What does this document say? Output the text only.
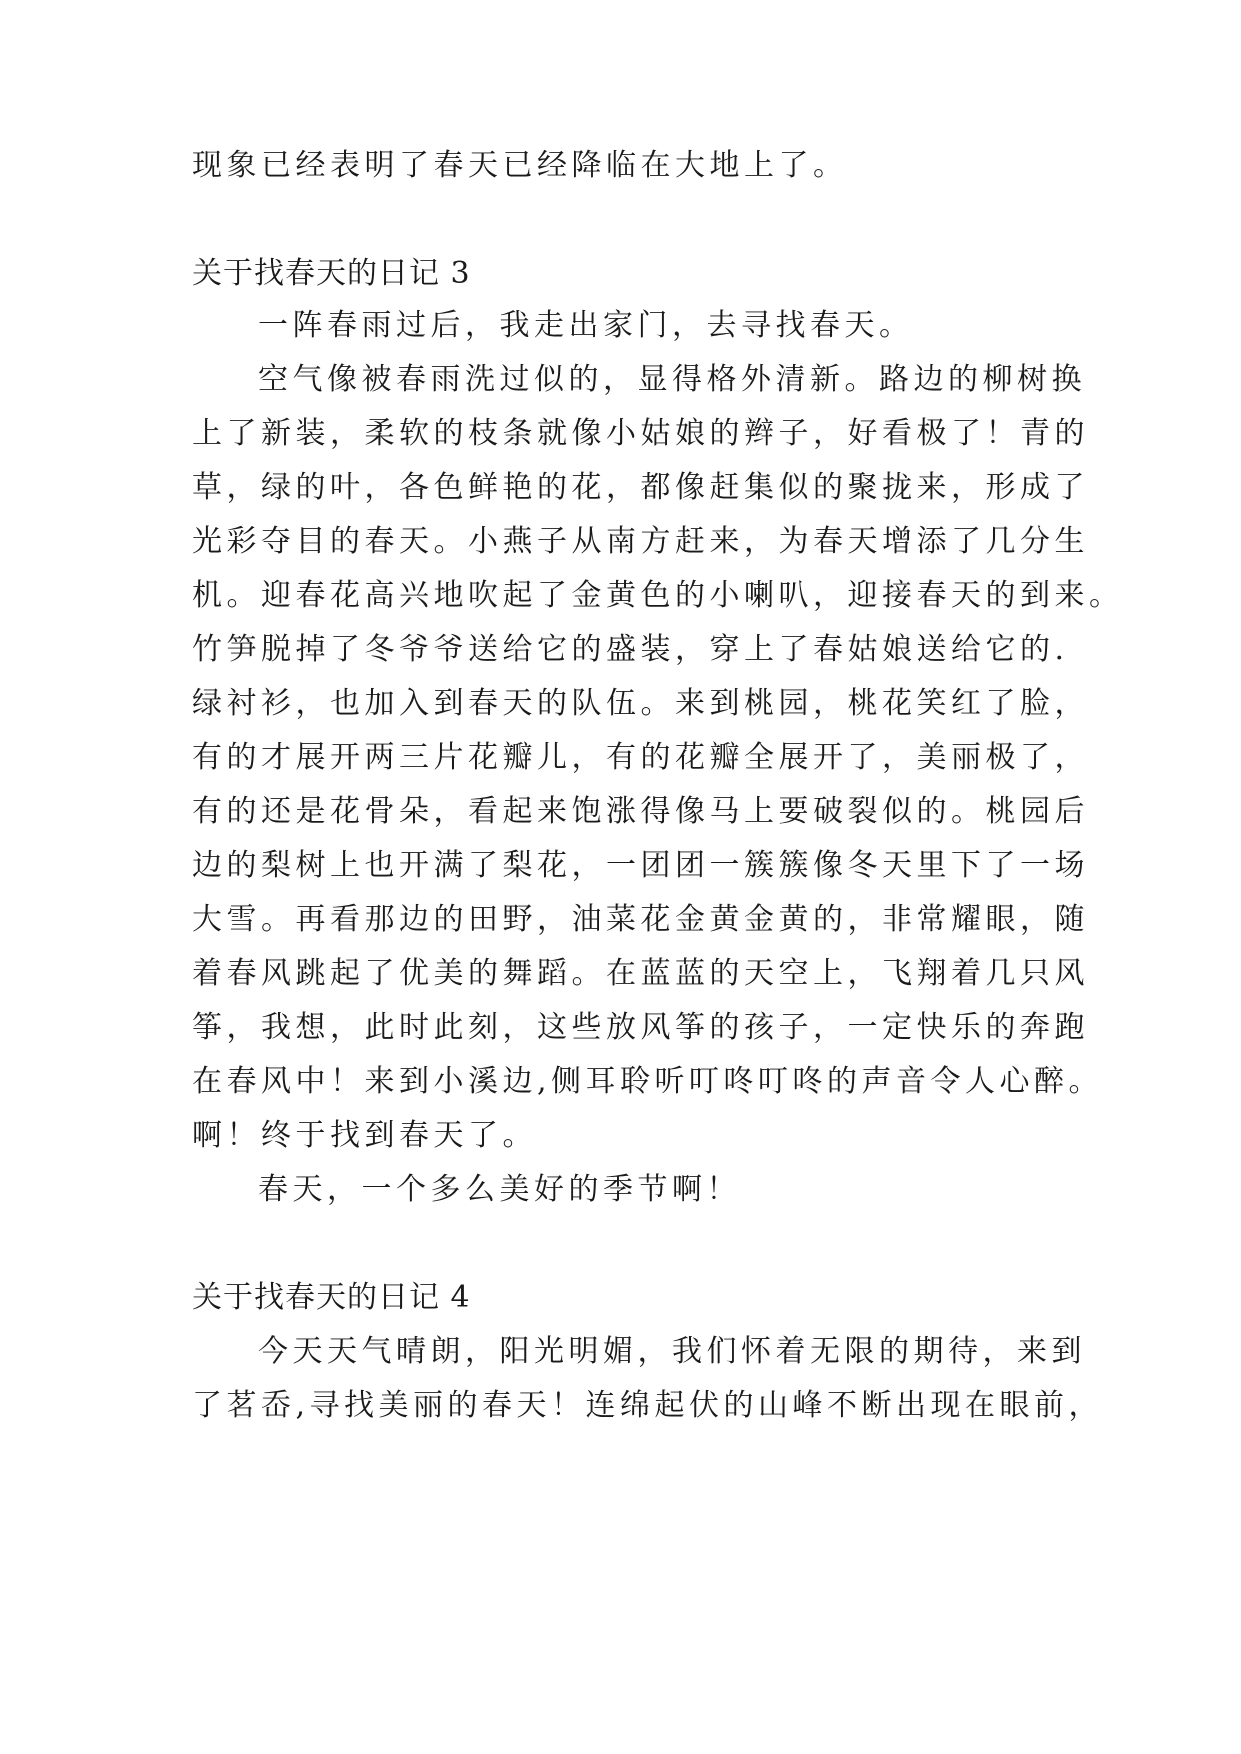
现象已经表明了春天已经降临在大地上了。
关于找春天的日记 3
一阵春雨过后，我走出家门，去寻找春天。
空气像被春雨洗过似的，显得格外清新。路边的柳树换
上了新装，柔软的枝条就像小姑娘的辫子，好看极了！青的
草，绿的叶，各色鲜艳的花，都像赶集似的聚拢来，形成了
光彩夺目的春天。小燕子从南方赶来，为春天增添了几分生
机。迎春花高兴地吹起了金黄色的小喇叭，迎接春天的到来。
竹笋脱掉了冬爷爷送给它的盛装，穿上了春姑娘送给它的.
绿衬衫，也加入到春天的队伍。来到桃园，桃花笑红了脸，
有的才展开两三片花瓣儿，有的花瓣全展开了，美丽极了，
有的还是花骨朵，看起来饱涨得像马上要破裂似的。桃园后
边的梨树上也开满了梨花，一团团一簇簇像冬天里下了一场
大雪。再看那边的田野，油菜花金黄金黄的，非常耀眼，随
着春风跳起了优美的舞蹈。在蓝蓝的天空上，飞翔着几只风
筝，我想，此时此刻，这些放风筝的孩子，一定快乐的奔跑
在春风中！来到小溪边,侧耳聆听叮咚叮咚的声音令人心醉。
啊！终于找到春天了。
春天，一个多么美好的季节啊！
关于找春天的日记 4
今天天气晴朗，阳光明媚，我们怀着无限的期待，来到
了茗岙,寻找美丽的春天！连绵起伏的山峰不断出现在眼前，
